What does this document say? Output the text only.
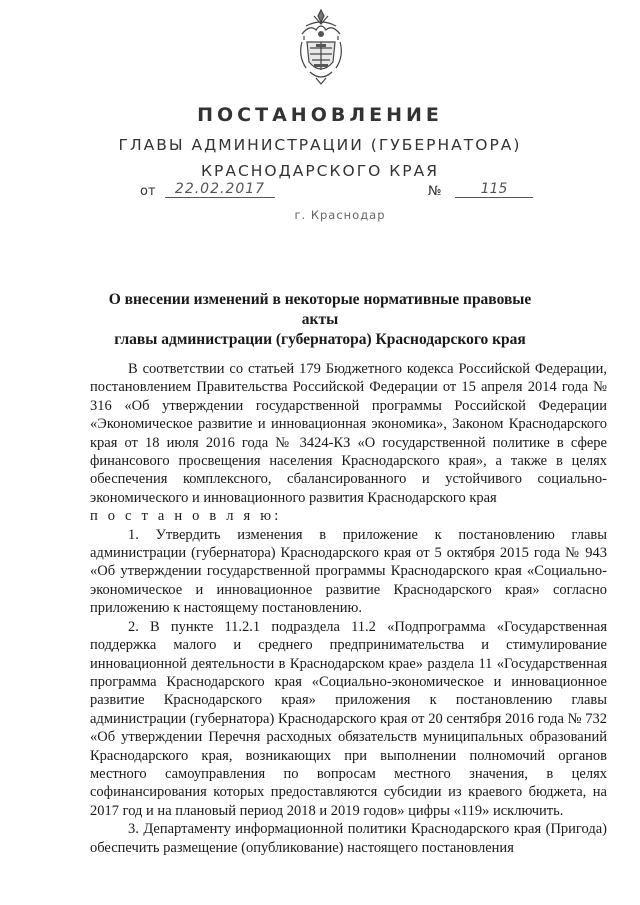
ПОСТАНОВЛЕНИЕ
ГЛАВЫ АДМИНИСТРАЦИИ (ГУБЕРНАТОРА)
КРАСНОДАРСКОГО КРАЯ
от	22.02.2017	№	115
г. Краснодар
О внесении изменений в некоторые нормативные правовые акты
главы администрации (губернатора) Краснодарского края

В соответствии со статьей 179 Бюджетного кодекса Российской Федерации, постановлением Правительства Российской Федерации от 15 апреля 2014 года № 316 «Об утверждении государственной программы Российской Федерации «Экономическое развитие и инновационная экономика», Законом Краснодарского края от 18 июля 2016 года № 3424-КЗ «О государственной политике в сфере финансового просвещения населения Краснодарского края», а также в целях обеспечения комплексного, сбалансированного и устойчивого социально-экономического и инновационного развития Краснодарского края

п о с т а н о в л я ю:

1. Утвердить изменения в приложение к постановлению главы администрации (губернатора) Краснодарского края от 5 октября 2015 года № 943 «Об утверждении государственной программы Краснодарского края «Социально-экономическое и инновационное развитие Краснодарского края» согласно приложению к настоящему постановлению.

2. В пункте 11.2.1 подраздела 11.2 «Подпрограмма «Государственная поддержка малого и среднего предпринимательства и стимулирование инновационной деятельности в Краснодарском крае» раздела 11 «Государственная программа Краснодарского края «Социально-экономическое и инновационное развитие Краснодарского края» приложения к постановлению главы администрации (губернатора) Краснодарского края от 20 сентября 2016 года № 732 «Об утверждении Перечня расходных обязательств муниципальных образований Краснодарского края, возникающих при выполнении полномочий органов местного самоуправления по вопросам местного значения, в целях софинансирования которых предоставляются субсидии из краевого бюджета, на 2017 год и на плановый период 2018 и 2019 годов» цифры «119» исключить.

3. Департаменту информационной политики Краснодарского края (Пригода) обеспечить размещение (опубликование) настоящего постановления
